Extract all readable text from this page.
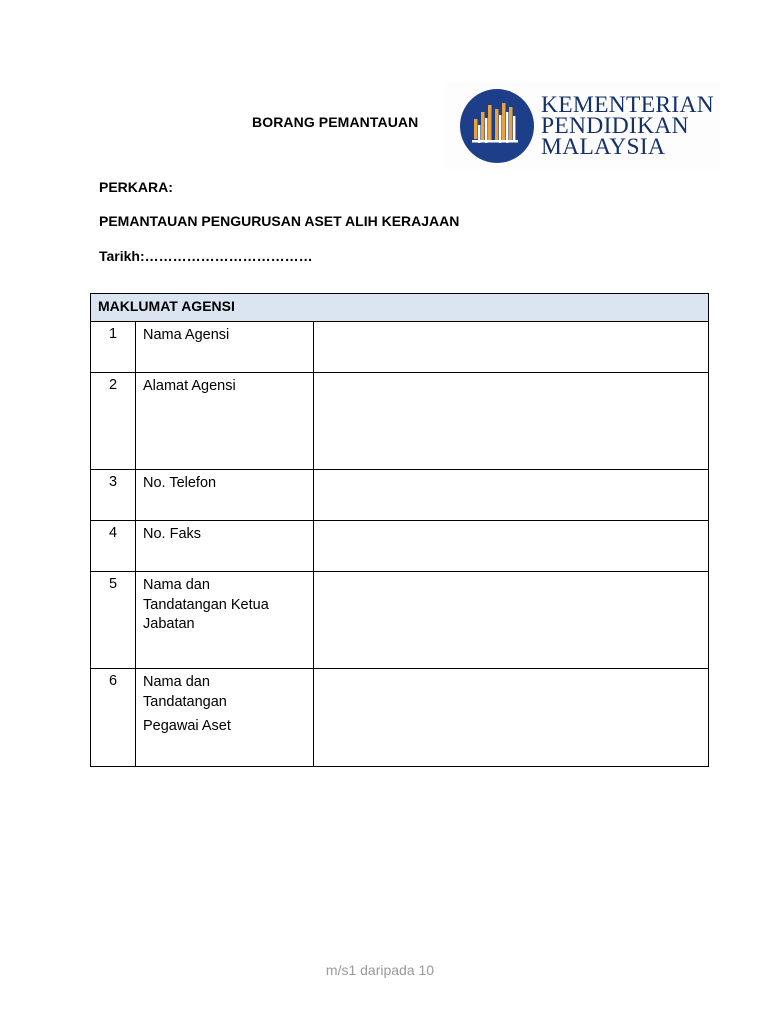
BORANG PEMANTAUAN
KEMENTERIAN
PENDIDIKAN
MALAYSIA
PERKARA:
PEMANTAUAN PENGURUSAN ASET ALIH KERAJAAN
Tarikh:………………………………
MAKLUMAT AGENSI		
1	Nama Agensi	

2	Alamat Agensi	

3	No. Telefon	

4	No. Faks	

5	Nama dan
Tandatangan Ketua
Jabatan	

6	Nama dan
Tandatangan
Pegawai Aset	

m/s1 daripada 10
